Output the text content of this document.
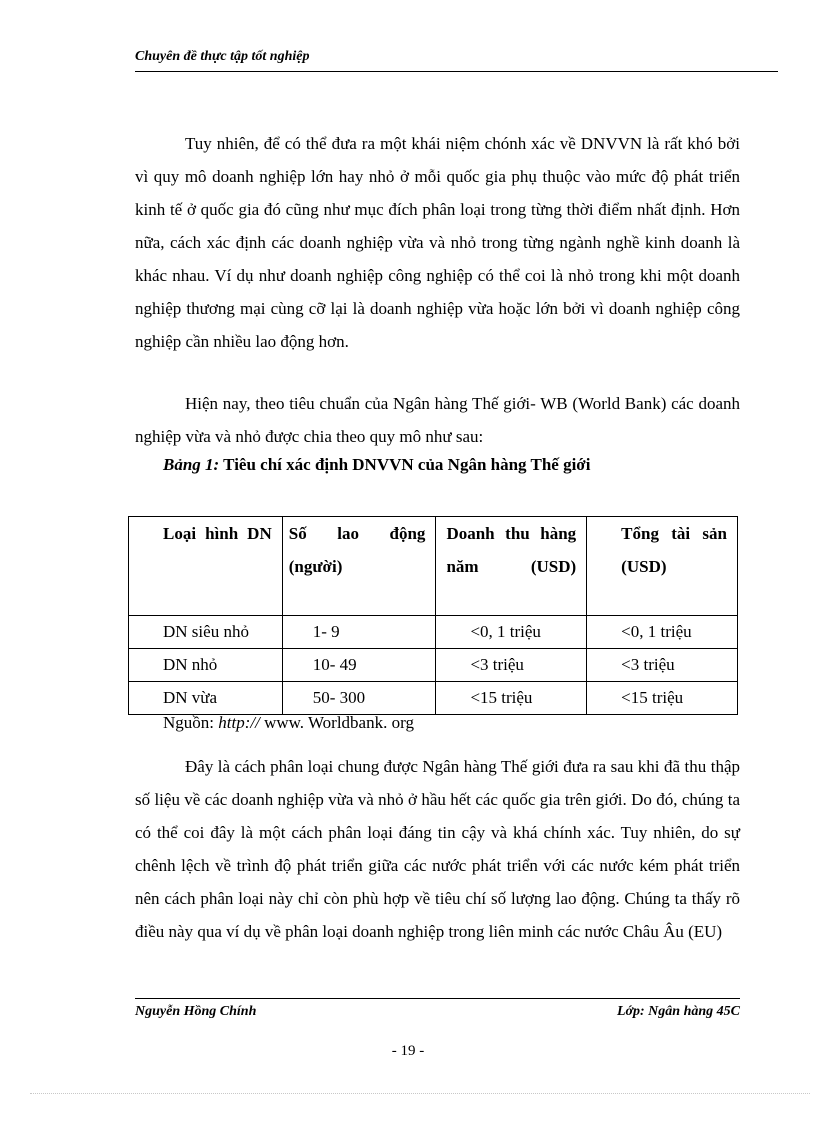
Chuyên đề thực tập tốt nghiệp
Tuy nhiên, để có thể đưa ra một khái niệm chónh xác về DNVVN là rất khó bởi vì quy mô doanh nghiệp lớn hay nhỏ ở mỗi quốc gia phụ thuộc vào mức độ phát triển kinh tế ở quốc gia đó cũng như mục đích phân loại trong từng thời điểm nhất định. Hơn nữa, cách xác định các doanh nghiệp vừa và nhỏ trong từng ngành nghề kinh doanh là khác nhau. Ví dụ như doanh nghiệp công nghiệp có thể coi là nhỏ trong khi một doanh nghiệp thương mại cùng cỡ lại là doanh nghiệp vừa hoặc lớn bởi vì doanh nghiệp công nghiệp cần nhiều lao động hơn.
Hiện nay, theo tiêu chuẩn của Ngân hàng Thế giới- WB (World Bank) các doanh nghiệp vừa và nhỏ được chia theo quy mô như sau:
Bảng 1: Tiêu chí xác định DNVVN của Ngân hàng Thế giới
Loại hình DN	Số lao động (người)	Doanh thu hàng năm (USD)	Tổng tài sản (USD)
DN siêu nhỏ	1- 9	<0, 1 triệu	<0, 1 triệu
DN nhỏ	10- 49	<3 triệu	<3 triệu
DN vừa	50- 300	<15 triệu	<15 triệu
Nguồn: http:// www. Worldbank. org
Đây là cách phân loại chung được Ngân hàng Thế giới đưa ra sau khi đã thu thập số liệu về các doanh nghiệp vừa và nhỏ ở hầu hết các quốc gia trên giới. Do đó, chúng ta có thể coi đây là một cách phân loại đáng tin cậy và khá chính xác. Tuy nhiên, do sự chênh lệch về trình độ phát triển giữa các nước phát triển với các nước kém phát triển nên cách phân loại này chỉ còn phù hợp về tiêu chí số lượng lao động. Chúng ta thấy rõ điều này qua ví dụ về phân loại doanh nghiệp trong liên minh các nước Châu Âu (EU)
Nguyễn Hồng Chính	Lớp: Ngân hàng 45C
- 19 -
